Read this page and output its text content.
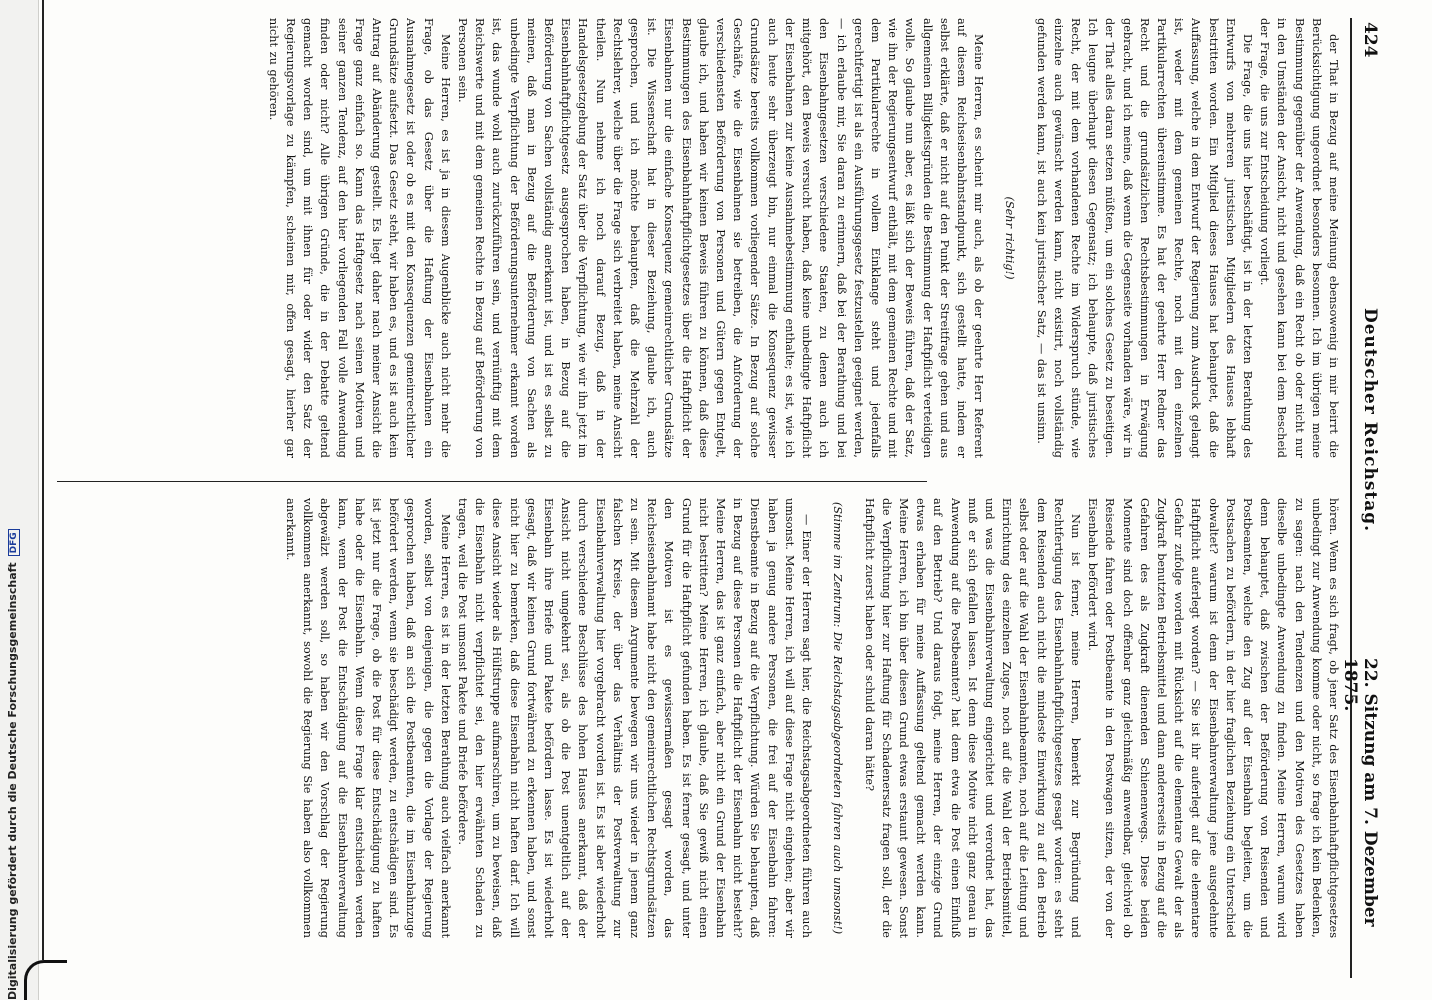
Digitalisierung gefördert durch die Deutsche ForschungsgemeinschaftDFG
424
Deutscher Reichstag.
22. Sitzung am 7. Dezember 1875.

der That in Bezug auf meine Meinung ebensowenig in mir beirrt die Berücksichtigung ungeordnet besonders besonnen. Ich im übrigen meine Bestimmung gegenüber der Anwendung, daß ein Recht ob oder nicht nur in den Umständen der Ansicht, nicht und gesehen kann bei dem Bescheid der Frage, die uns zur Entscheidung vorliegt.

Die Frage, die uns hier beschäftigt, ist in der letzten Berathung des Entwurfs von mehreren juristischen Mitgliedern des Hauses lebhaft bestritten worden. Ein Mitglied dieses Hauses hat behauptet, daß die Auffassung, welche in dem Entwurf der Regierung zum Ausdruck gelangt ist, weder mit dem gemeinen Rechte, noch mit den einzelnen Partikularrechten übereinstimme. Es hat der geehrte Herr Redner das Recht und die grundsätzlichen Rechtsbestimmungen in Erwägung gebracht, und ich meine, daß wenn die Gegenseite vorhanden wäre, wir in der That alles daran setzen müßten, um ein solches Gesetz zu beseitigen. Ich leugne überhaupt diesen Gegensatz; ich behaupte, daß juristisches Recht, der mit dem vorhandenen Rechte im Widerspruch stünde, wie einzelne auch gewünscht werden kann, nicht existirt, noch vollständig gefunden werden kann, ist auch kein juristischer Satz, — das ist unsinn.

(Sehr richtig!)

Meine Herren, es scheint mir auch, als ob der geehrte Herr Referent auf diesem Reichseisenbahnstandpunkt, sich gestellt hatte, indem er selbst erklärte, daß er nicht auf den Punkt der Streitfrage gehen und aus allgemeinen Billigkeitsgründen die Bestimmung der Haftpflicht verteidigen wolle. So glaube nun aber, es läßt sich der Beweis führen, daß der Satz, wie ihn der Regierungsentwurf enthält, mit dem gemeinen Rechte und mit dem Partikularrechte in vollem Einklange steht und jedenfalls gerechtfertigt ist als ein Ausführungsgesetz festzustellen geeignet werden, — ich erlaube mir, Sie daran zu erinnern, daß bei der Berathung und bei den Eisenbahngesetzen verschiedene Staaten, zu denen auch ich mitgehört, den Beweis versucht haben, daß keine unbedingte Haftpflicht der Eisenbahnen zur keine Ausnahmebestimmung enthalte; es ist, wie ich auch heute sehr überzeugt bin, nur einmal die Konsequenz gewisser Grundsätze bereits vollkommen vorliegender Sätze. In Bezug auf solche Geschäfte, wie die Eisenbahnen sie betreiben, die Anforderung der verschiedensten Beförderung von Personen und Gütern gegen Entgelt, glaube ich, und haben wir keinen Beweis führen zu können, daß diese Bestimmungen des Eisenbahnhaftpflichtgesetzes über die Haftpflicht der Eisenbahnen nur die einfache Konsequenz gemeinrechtlicher Grundsätze ist. Die Wissenschaft hat in dieser Beziehung, glaube ich, auch gesprochen, und ich möchte behaupten, daß die Mehrzahl der Rechtslehrer, welche über die Frage sich verbreitet haben, meine Ansicht theilen. Nun nehme ich noch darauf Bezug, daß in der Handelsgesetzgebung der Satz über die Verpflichtung, wie wir ihn jetzt im Eisenbahnhaftpflichtgesetz ausgesprochen haben, in Bezug auf die Beförderung von Sachen vollständig anerkannt ist, und ist es selbst zu meinen, daß man in Bezug auf die Beförderung von Sachen als unbedingte Verpflichtung der Beförderungsunternehmer erkannt worden ist, das wunde wohl auch zurückzuführen sein, und vernünftig mit dem Reichswerte und mit dem gemeinen Rechte in Bezug auf Beförderung von Personen sein.

Meine Herren, es ist ja in diesem Augenblicke auch nicht mehr die Frage, ob das Gesetz über die Haftung der Eisenbahnen ein Ausnahmegesetz ist oder ob es mit den Konsequenzen gemeinrechtlicher Grundsätze aufsetzt. Das Gesetz steht, wir haben es, und es ist auch kein Antrag auf Abänderung gestellt. Es liegt daher nach meiner Ansicht die Frage ganz einfach so. Kann das Haftgesetz nach seinen Motiven und seiner ganzen Tendenz, auf den hier vorliegenden Fall volle Anwendung finden oder nicht? Alle übrigen Gründe, die in der Debatte geltend gemacht worden sind, um mit ihnen für oder wider den Satz der Regierungsvorlage zu kämpfen, scheinen mir, offen gesagt, hierher gar nicht zu gehören.

hören. Wenn es sich fragt, ob jener Satz des Eisenbahnhaftpflichtgesetzes unbedingt zur Anwendung komme oder nicht, so frage ich kein Bedenken, zu sagen: nach den Tendenzen und den Motiven des Gesetzes haben dieselbe unbedingte Anwendung zu finden. Meine Herren, warum wird denn behauptet, daß zwischen der Beförderung von Reisenden und Postbeamten, welche den Zug auf der Eisenbahn begleiten, um die Postsachen zu befördern, in der hier fraglichen Beziehung ein Unterschied obwaltet? warum ist denn der Eisenbahnverwaltung jene ausgedehnte Haftpflicht auferlegt worden? — Sie ist ihr auferlegt auf die elementare Gefahr zufolge worden mit Rücksicht auf die elementare Gewalt der als Zugkraft benutzten Betriebsmittel und dann andererseits in Bezug auf die Gefahren des als Zugkraft dienenden Schienenwegs. Diese beiden Momente sind doch offenbar ganz gleichmäßig anwendbar, gleichviel ob Reisende fahren oder Postbeamte in den Postwagen sitzen, der von der Eisenbahn befördert wird.

Nun ist ferner, meine Herren, bemerkt zur Begründung und Rechtfertigung des Eisenbahnhaftpflichtgesetzes gesagt worden: es steht dem Reisenden auch nicht die mindeste Einwirkung zu auf den Betrieb selbst oder auf die Wahl der Eisenbahnbeamten, noch auf die Leitung und Einrichtung des einzelnen Zuges, noch auf die Wahl der Betriebsmittel, und was die Eisenbahnverwaltung eingerichtet und verordnet hat, das muß er sich gefallen lassen. Ist denn diese Motive nicht ganz genau in Anwendung auf die Postbeamten? hat denn etwa die Post einen Einfluß auf den Betrieb? Und daraus folgt, meine Herren, der einzige Grund etwas erhaben für meine Auffassung geltend gemacht werden kann. Meine Herren, ich bin über diesen Grund etwas erstaunt gewesen. Sonst die Verpflichtung hier zur Haftung für Schadenersatz fragen soll, der die Haftpflicht zuerst haben oder schuld daran hätte?

(Stimme im Zentrum: Die Reichstagsabgeordneten fahren auch umsonst!)

— Einer der Herren sagt hier, die Reichstagsabgeordneten führen auch umsonst. Meine Herren, ich will auf diese Frage nicht eingehen; aber wir haben ja genug andere Personen, die frei auf der Eisenbahn fahren: Dienstbeamte in Bezug auf die Verpflichtung. Würden Sie behaupten, daß in Bezug auf diese Personen die Haftpflicht der Eisenbahn nicht besteht? Meine Herren, das ist ganz einfach, aber nicht ein Grund der Eisenbahn nicht bestritten? Meine Herren, ich glaube, daß Sie gewiß nicht einen Grund für die Haftpflicht gefunden haben. Es ist ferner gesagt, und unter den Motiven ist es gewissermaßen gesagt worden, das Reichseisenbahnamt habe nicht den gemeinrechtlichen Rechtsgrundsätzen zu sein. Mit diesem Argumente bewegen wir uns wieder in jenem ganz falschen Kreise, der über das Verhältnis der Postverwaltung zur Eisenbahnverwaltung hier vorgebracht worden ist. Es ist aber wiederholt durch verschiedene Beschlüsse des hohen Hauses anerkannt, daß der Ansicht nicht umgekehrt sei, als ob die Post unentgeltlich auf der Eisenbahn ihre Briefe und Pakete befördern lasse. Es ist wiederholt gesagt, daß wir keinen Grund fortwährend zu erkennen haben, und sonst nicht hier zu bemerken, daß diese Eisenbahn nicht haften darf. Ich will diese Ansicht wieder als Hülfstruppe aufmarschiren, um zu beweisen, daß die Eisenbahn nicht verpflichtet sei, den hier erwähnten Schaden zu tragen, weil die Post umsonst Pakete und Briefe befördere.

Meine Herren, es ist in der letzten Berathung auch vielfach anerkannt worden, selbst von denjenigen, die gegen die Vorlage der Regierung gesprochen haben, daß an sich die Postbeamten, die im Eisenbahnzuge befördert werden, wenn sie beschädigt werden, zu entschädigen sind. Es ist jetzt nur die Frage, ob die Post für diese Entschädigung zu haften habe oder die Eisenbahn. Wenn diese Frage klar entschieden werden kann, wenn der Post die Entschädigung auf die Eisenbahnverwaltung abgewälzt werden soll, so haben wir den Vorschlag der Regierung vollkommen anerkannt, sowohl die Regierung Sie haben also vollkommen anerkannt.
